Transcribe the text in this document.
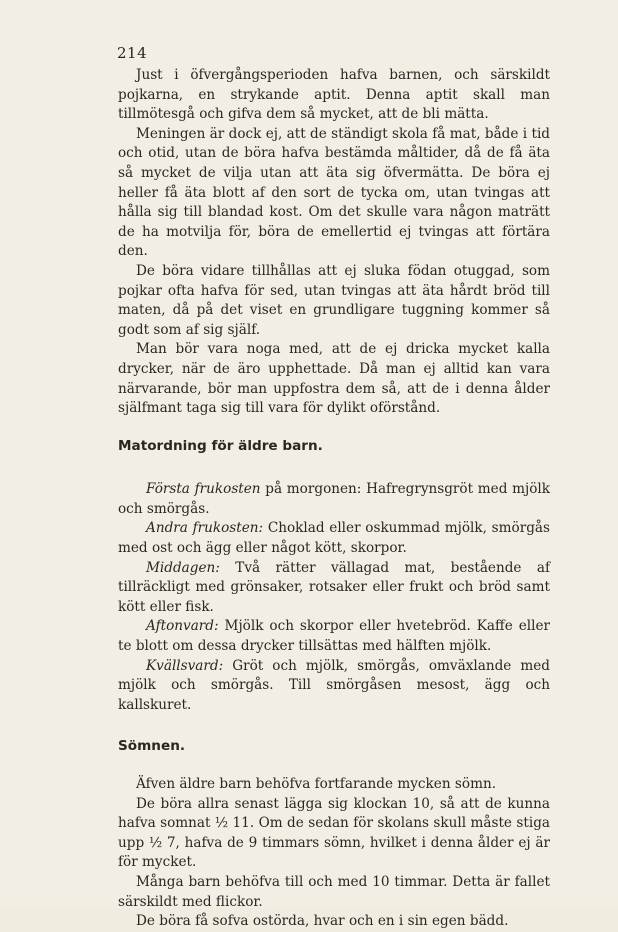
214

Just i öfvergångsperioden hafva barnen, och särskildt pojkarna, en strykande aptit. Denna aptit skall man tillmötesgå och gifva dem så mycket, att de bli mätta.

Meningen är dock ej, att de ständigt skola få mat, både i tid och otid, utan de böra hafva bestämda måltider, då de få äta så mycket de vilja utan att äta sig öfvermätta. De böra ej heller få äta blott af den sort de tycka om, utan tvingas att hålla sig till blandad kost. Om det skulle vara någon maträtt de ha motvilja för, böra de emellertid ej tvingas att förtära den.

De böra vidare tillhållas att ej sluka födan otuggad, som pojkar ofta hafva för sed, utan tvingas att äta hårdt bröd till maten, då på det viset en grundligare tuggning kommer så godt som af sig själf.

Man bör vara noga med, att de ej dricka mycket kalla drycker, när de äro upphettade. Då man ej alltid kan vara närvarande, bör man uppfostra dem så, att de i denna ålder själfmant taga sig till vara för dylikt oförstånd.

Matordning för äldre barn.

Första frukosten på morgonen: Hafregrynsgröt med mjölk och smörgås.

Andra frukosten: Choklad eller oskummad mjölk, smörgås med ost och ägg eller något kött, skorpor.

Middagen: Två rätter vällagad mat, bestående af tillräckligt med grönsaker, rotsaker eller frukt och bröd samt kött eller fisk.

Aftonvard: Mjölk och skorpor eller hvetebröd. Kaffe eller te blott om dessa drycker tillsättas med hälften mjölk.

Kvällsvard: Gröt och mjölk, smörgås, omväxlande med mjölk och smörgås. Till smörgåsen mesost, ägg och kallskuret.

Sömnen.

Äfven äldre barn behöfva fortfarande mycken sömn.

De böra allra senast lägga sig klockan 10, så att de kunna hafva somnat ½ 11. Om de sedan för skolans skull måste stiga upp ½ 7, hafva de 9 timmars sömn, hvilket i denna ålder ej är för mycket.

Många barn behöfva till och med 10 timmar. Detta är fallet särskildt med flickor.

De böra få sofva ostörda, hvar och en i sin egen bädd.
